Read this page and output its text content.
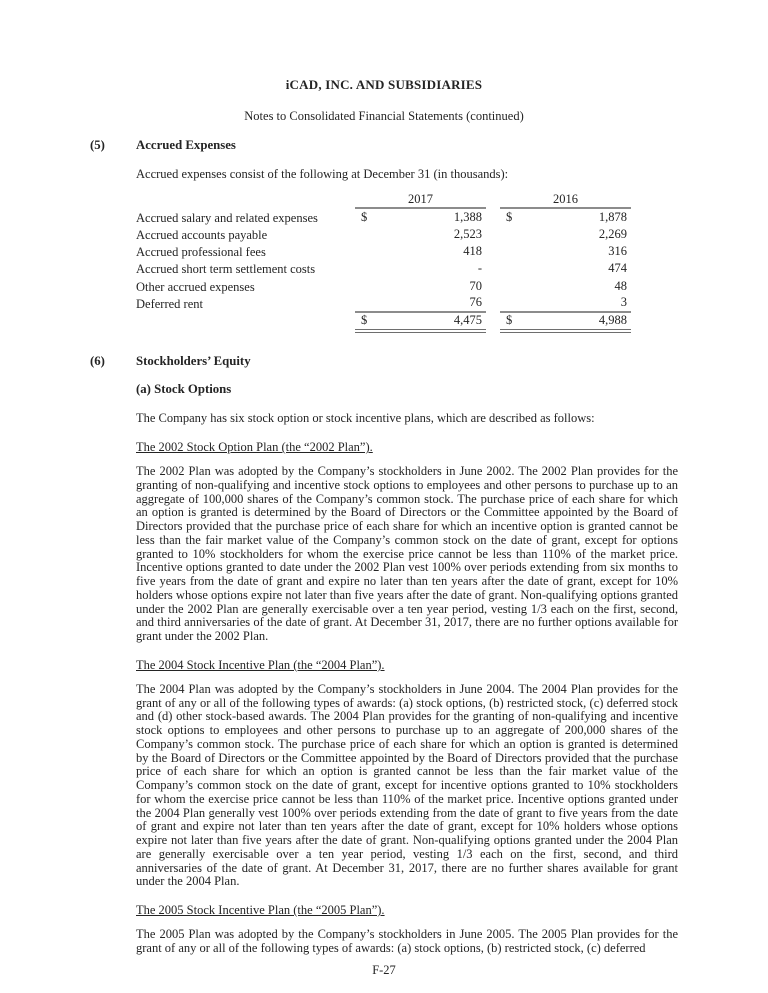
iCAD, INC. AND SUBSIDIARIES
Notes to Consolidated Financial Statements (continued)
(5)	Accrued Expenses
Accrued expenses consist of the following at December 31 (in thousands):
	2017		2016
Accrued salary and related expenses	$ 1,388		$ 1,878

Accrued accounts payable	2,523		2,269

Accrued professional fees	418		316

Accrued short term settlement costs	-		474

Other accrued expenses	70		48

Deferred rent	76		3

	$ 4,475		$ 4,988
(6)	Stockholders’ Equity
(a) Stock Options
The Company has six stock option or stock incentive plans, which are described as follows:
The 2002 Stock Option Plan (the “2002 Plan”).
The 2002 Plan was adopted by the Company’s stockholders in June 2002. The 2002 Plan provides for the granting of non-qualifying and incentive stock options to employees and other persons to purchase up to an aggregate of 100,000 shares of the Company’s common stock. The purchase price of each share for which an option is granted is determined by the Board of Directors or the Committee appointed by the Board of Directors provided that the purchase price of each share for which an incentive option is granted cannot be less than the fair market value of the Company’s common stock on the date of grant, except for options granted to 10% stockholders for whom the exercise price cannot be less than 110% of the market price. Incentive options granted to date under the 2002 Plan vest 100% over periods extending from six months to five years from the date of grant and expire no later than ten years after the date of grant, except for 10% holders whose options expire not later than five years after the date of grant. Non-qualifying options granted under the 2002 Plan are generally exercisable over a ten year period, vesting 1/3 each on the first, second, and third anniversaries of the date of grant. At December 31, 2017, there are no further options available for grant under the 2002 Plan.
The 2004 Stock Incentive Plan (the “2004 Plan”).
The 2004 Plan was adopted by the Company’s stockholders in June 2004. The 2004 Plan provides for the grant of any or all of the following types of awards: (a) stock options, (b) restricted stock, (c) deferred stock and (d) other stock-based awards. The 2004 Plan provides for the granting of non-qualifying and incentive stock options to employees and other persons to purchase up to an aggregate of 200,000 shares of the Company’s common stock. The purchase price of each share for which an option is granted is determined by the Board of Directors or the Committee appointed by the Board of Directors provided that the purchase price of each share for which an option is granted cannot be less than the fair market value of the Company’s common stock on the date of grant, except for incentive options granted to 10% stockholders for whom the exercise price cannot be less than 110% of the market price. Incentive options granted under the 2004 Plan generally vest 100% over periods extending from the date of grant to five years from the date of grant and expire not later than ten years after the date of grant, except for 10% holders whose options expire not later than five years after the date of grant. Non-qualifying options granted under the 2004 Plan are generally exercisable over a ten year period, vesting 1/3 each on the first, second, and third anniversaries of the date of grant. At December 31, 2017, there are no further shares available for grant under the 2004 Plan.
The 2005 Stock Incentive Plan (the “2005 Plan”).
The 2005 Plan was adopted by the Company’s stockholders in June 2005. The 2005 Plan provides for the grant of any or all of the following types of awards: (a) stock options, (b) restricted stock, (c) deferred
F-27
